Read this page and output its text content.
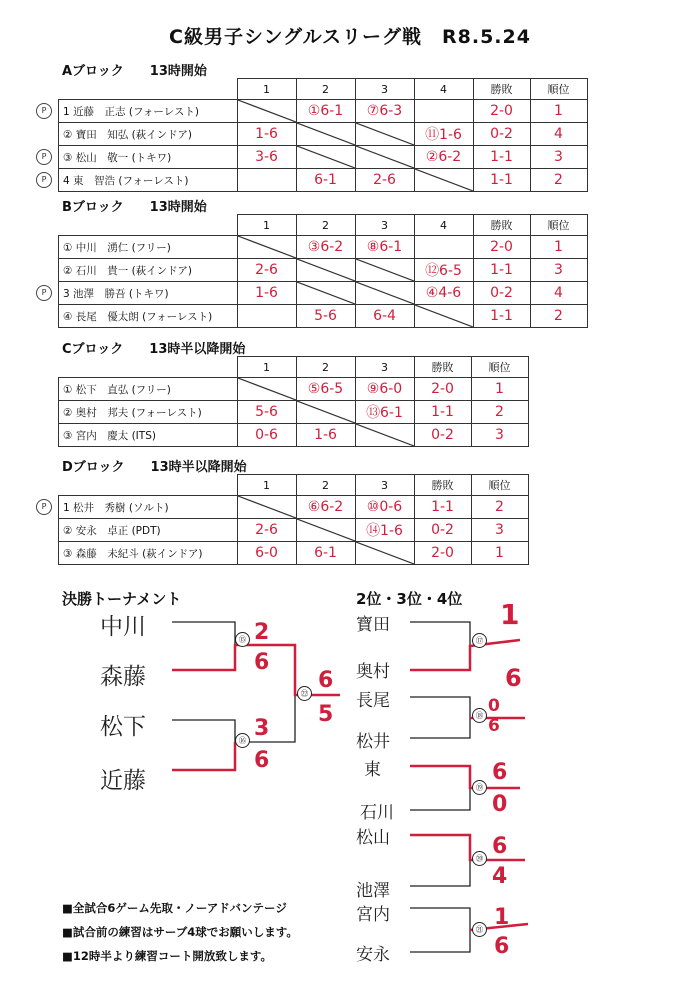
C級男子シングルスリーグ戦　R8.5.24
Aブロック　　13時開始
P
P
P
	1	2	3	4	勝敗	順位
1 近藤　正志 (フォーレスト)		①6-1	⑦6-3		2-0	1
② 寶田　知弘 (萩インドア)	1-6			⑪1-6	0-2	4
③ 松山　敬一 (トキワ)	3-6			②6-2	1-1	3
4 東　智浩 (フォーレスト)		6-1	2-6		1-1	2
Bブロック　　13時開始
P
	1	2	3	4	勝敗	順位
① 中川　湧仁 (フリー)		③6-2	⑧6-1		2-0	1
② 石川　貴一 (萩インドア)	2-6			⑫6-5	1-1	3
3 池澤　勝吾 (トキワ)	1-6			④4-6	0-2	4
④ 長尾　優太朗 (フォーレスト)		5-6	6-4		1-1	2
Cブロック　　13時半以降開始
	1	2	3	勝敗	順位
① 松下　直弘 (フリー)		⑤6-5	⑨6-0	2-0	1
② 奥村　邦夫 (フォーレスト)	5-6		⑬6-1	1-1	2
③ 宮内　慶太 (ITS)	0-6	1-6		0-2	3
Dブロック　　13時半以降開始
P
	1	2	3	勝敗	順位
1 松井　秀樹 (ソルト)		⑥6-2	⑩0-6	1-1	2
② 安永　卓正 (PDT)	2-6		⑭1-6	0-2	3
③ 森藤　未紀斗 (萩インドア)	6-0	6-1		2-0	1
決勝トーナメント
中川
森藤
松下
近藤
⑮
⑯
㉒
2
6
3
6
6
5
2位・3位・4位
寶田
奥村
長尾
松井
東
石川
松山
池澤
宮内
安永
⑰
⑱
⑲
⑳
㉑
1
6
0
6
6
0
6
4
1
6
■全試合6ゲーム先取・ノーアドバンテージ
■試合前の練習はサーブ4球でお願いします。
■12時半より練習コート開放致します。
